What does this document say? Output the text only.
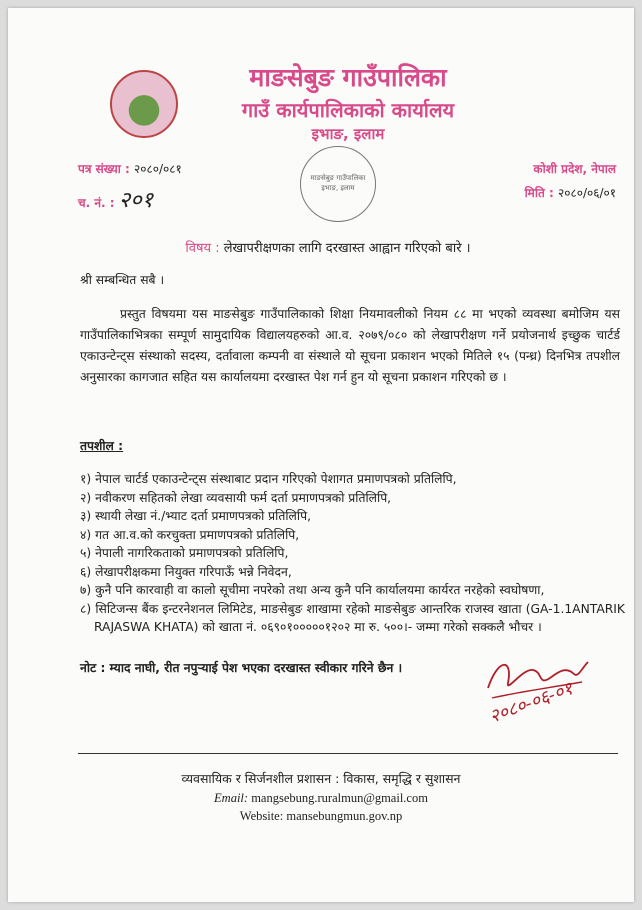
माङसेबुङ गाउँपालिका
गाउँ कार्यपालिकाको कार्यालय
इभाङ, इलाम
पत्र संख्या : २०८०/०८१
च. नं. : २०१
कोशी प्रदेश, नेपाल
मिति : २०८०/०६/०१
माङसेबुङ गाउँपालिका इभाङ, इलाम
विषय : लेखापरीक्षणका लागि दरखास्त आह्वान गरिएको बारे ।
श्री सम्बन्धित सबै ।
प्रस्तुत विषयमा यस माङसेबुङ गाउँपालिकाको शिक्षा नियमावलीको नियम ८८ मा भएको व्यवस्था बमोजिम यस गाउँपालिकाभित्रका सम्पूर्ण सामुदायिक विद्यालयहरुको आ.व. २०७९/०८० को लेखापरीक्षण गर्ने प्रयोजनार्थ इच्छुक चार्टर्ड एकाउन्टेन्ट्स संस्थाको सदस्य, दर्तावाला कम्पनी वा संस्थाले यो सूचना प्रकाशन भएको मितिले १५ (पन्ध्र) दिनभित्र तपशील अनुसारका कागजात सहित यस कार्यालयमा दरखास्त पेश गर्न हुन यो सूचना प्रकाशन गरिएको छ ।
तपशील :
१) नेपाल चार्टर्ड एकाउन्टेन्ट्स संस्थाबाट प्रदान गरिएको पेशागत प्रमाणपत्रको प्रतिलिपि,
२) नवीकरण सहितको लेखा व्यवसायी फर्म दर्ता प्रमाणपत्रको प्रतिलिपि,
३) स्थायी लेखा नं./भ्याट दर्ता प्रमाणपत्रको प्रतिलिपि,
४) गत आ.व.को करचुक्ता प्रमाणपत्रको प्रतिलिपि,
५) नेपाली नागरिकताको प्रमाणपत्रको प्रतिलिपि,
६) लेखापरीक्षकमा नियुक्त गरिपाऊँ भन्ने निवेदन,
७) कुनै पनि कारवाही वा कालो सूचीमा नपरेको तथा अन्य कुनै पनि कार्यालयमा कार्यरत नरहेको स्वघोषणा,
८) सिटिजन्स बैंक इन्टरनेशनल लिमिटेड, माङसेबुङ शाखामा रहेको माङसेबुङ आन्तरिक राजस्व खाता (GA-1.1ANTARIK RAJASWA KHATA) को खाता नं. ०६९०१०००००१२०२ मा रु. ५००।- जम्मा गरेको सक्कलै भौचर ।
नोट : म्याद नाघी, रीत नपुर्‍याई पेश भएका दरखास्त स्वीकार गरिने छैन ।
२०८०-०६-०१
व्यवसायिक र सिर्जनशील प्रशासन : विकास, समृद्धि र सुशासन
Email: mangsebung.ruralmun@gmail.com
Website: mansebungmun.gov.np
